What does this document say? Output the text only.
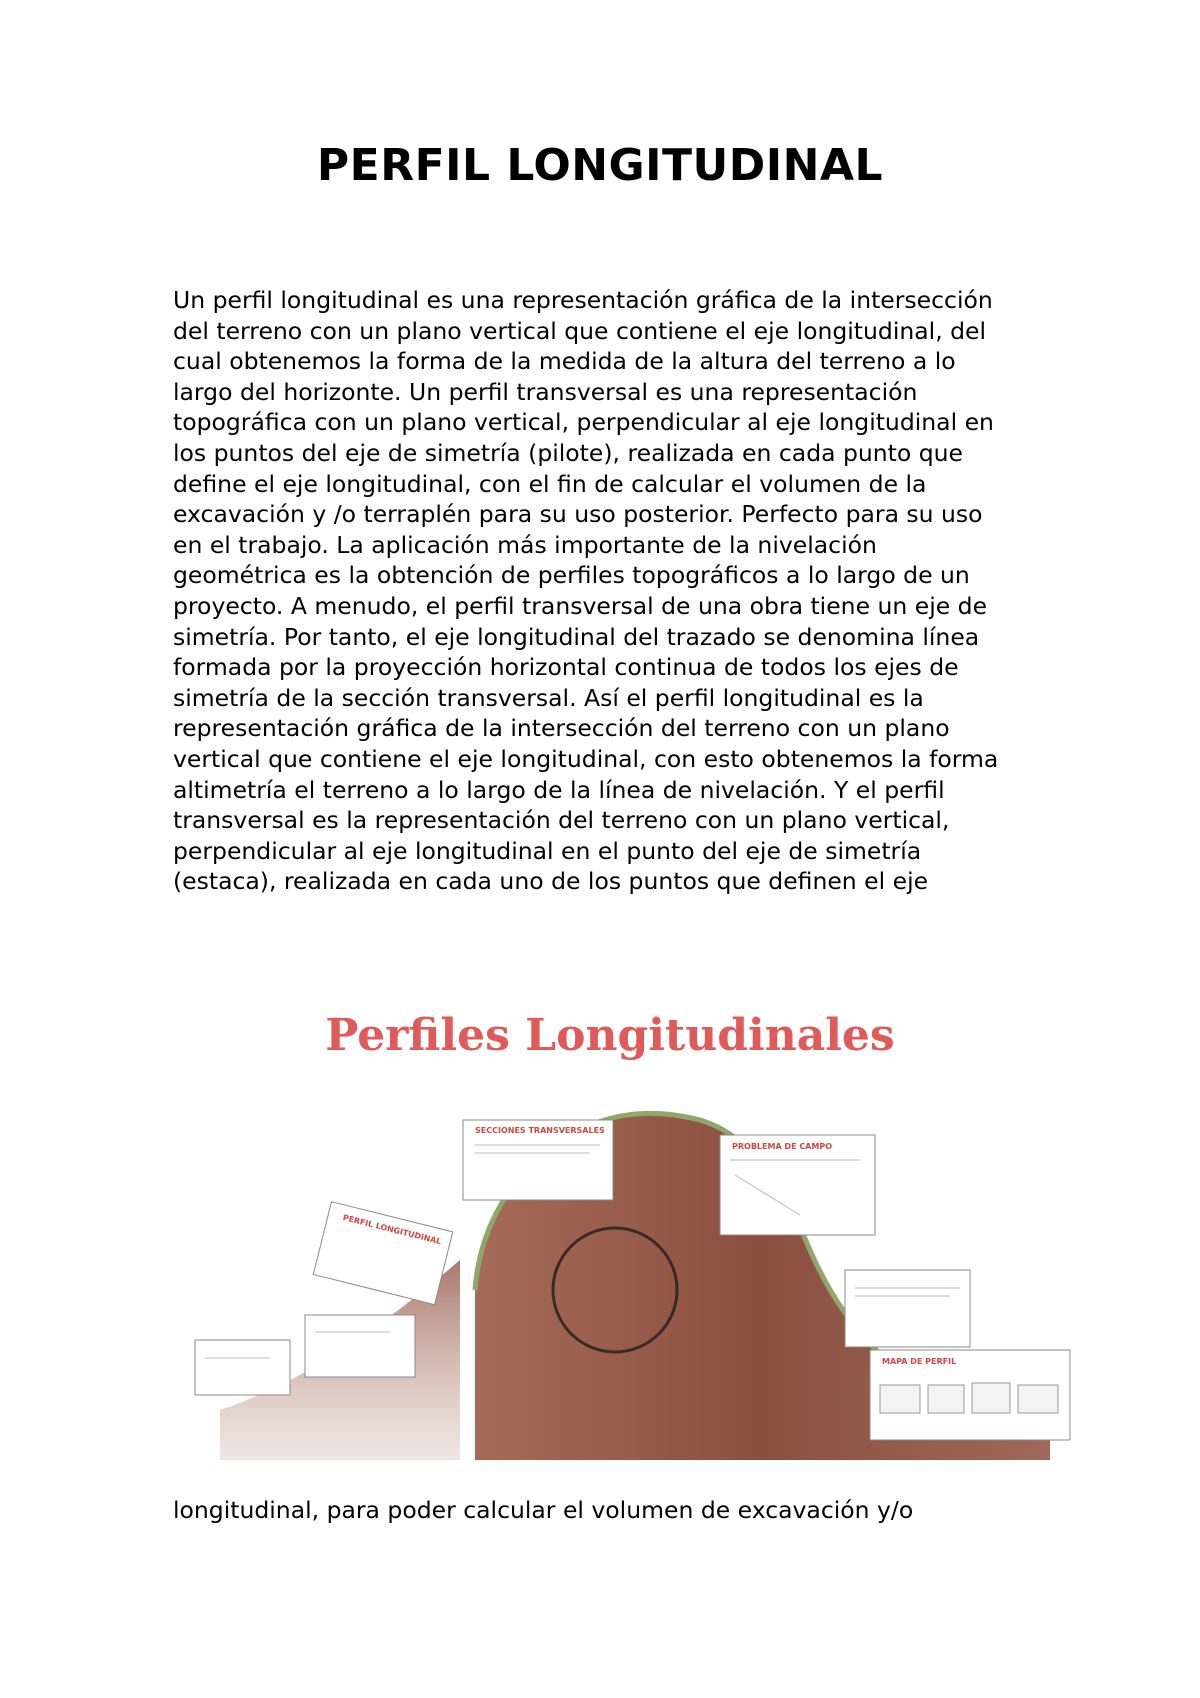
PERFIL LONGITUDINAL
Un perfil longitudinal es una representación gráfica de la intersección
del terreno con un plano vertical que contiene el eje longitudinal, del
cual obtenemos la forma de la medida de la altura del terreno a lo
largo del horizonte. Un perfil transversal es una representación
topográfica con un plano vertical, perpendicular al eje longitudinal en
los puntos del eje de simetría (pilote), realizada en cada punto que
define el eje longitudinal, con el fin de calcular el volumen de la
excavación y /o terraplén para su uso posterior. Perfecto para su uso
en el trabajo. La aplicación más importante de la nivelación
geométrica es la obtención de perfiles topográficos a lo largo de un
proyecto. A menudo, el perfil transversal de una obra tiene un eje de
simetría. Por tanto, el eje longitudinal del trazado se denomina línea
formada por la proyección horizontal continua de todos los ejes de
simetría de la sección transversal. Así el perfil longitudinal es la
representación gráfica de la intersección del terreno con un plano
vertical que contiene el eje longitudinal, con esto obtenemos la forma
altimetría el terreno a lo largo de la línea de nivelación. Y el perfil
transversal es la representación del terreno con un plano vertical,
perpendicular al eje longitudinal en el punto del eje de simetría
(estaca), realizada en cada uno de los puntos que definen el eje
Perfiles Longitudinales
PERFIL LONGITUDINAL
SECCIONES TRANSVERSALES
PROBLEMA DE CAMPO
MAPA DE PERFIL
longitudinal, para poder calcular el volumen de excavación y/o
